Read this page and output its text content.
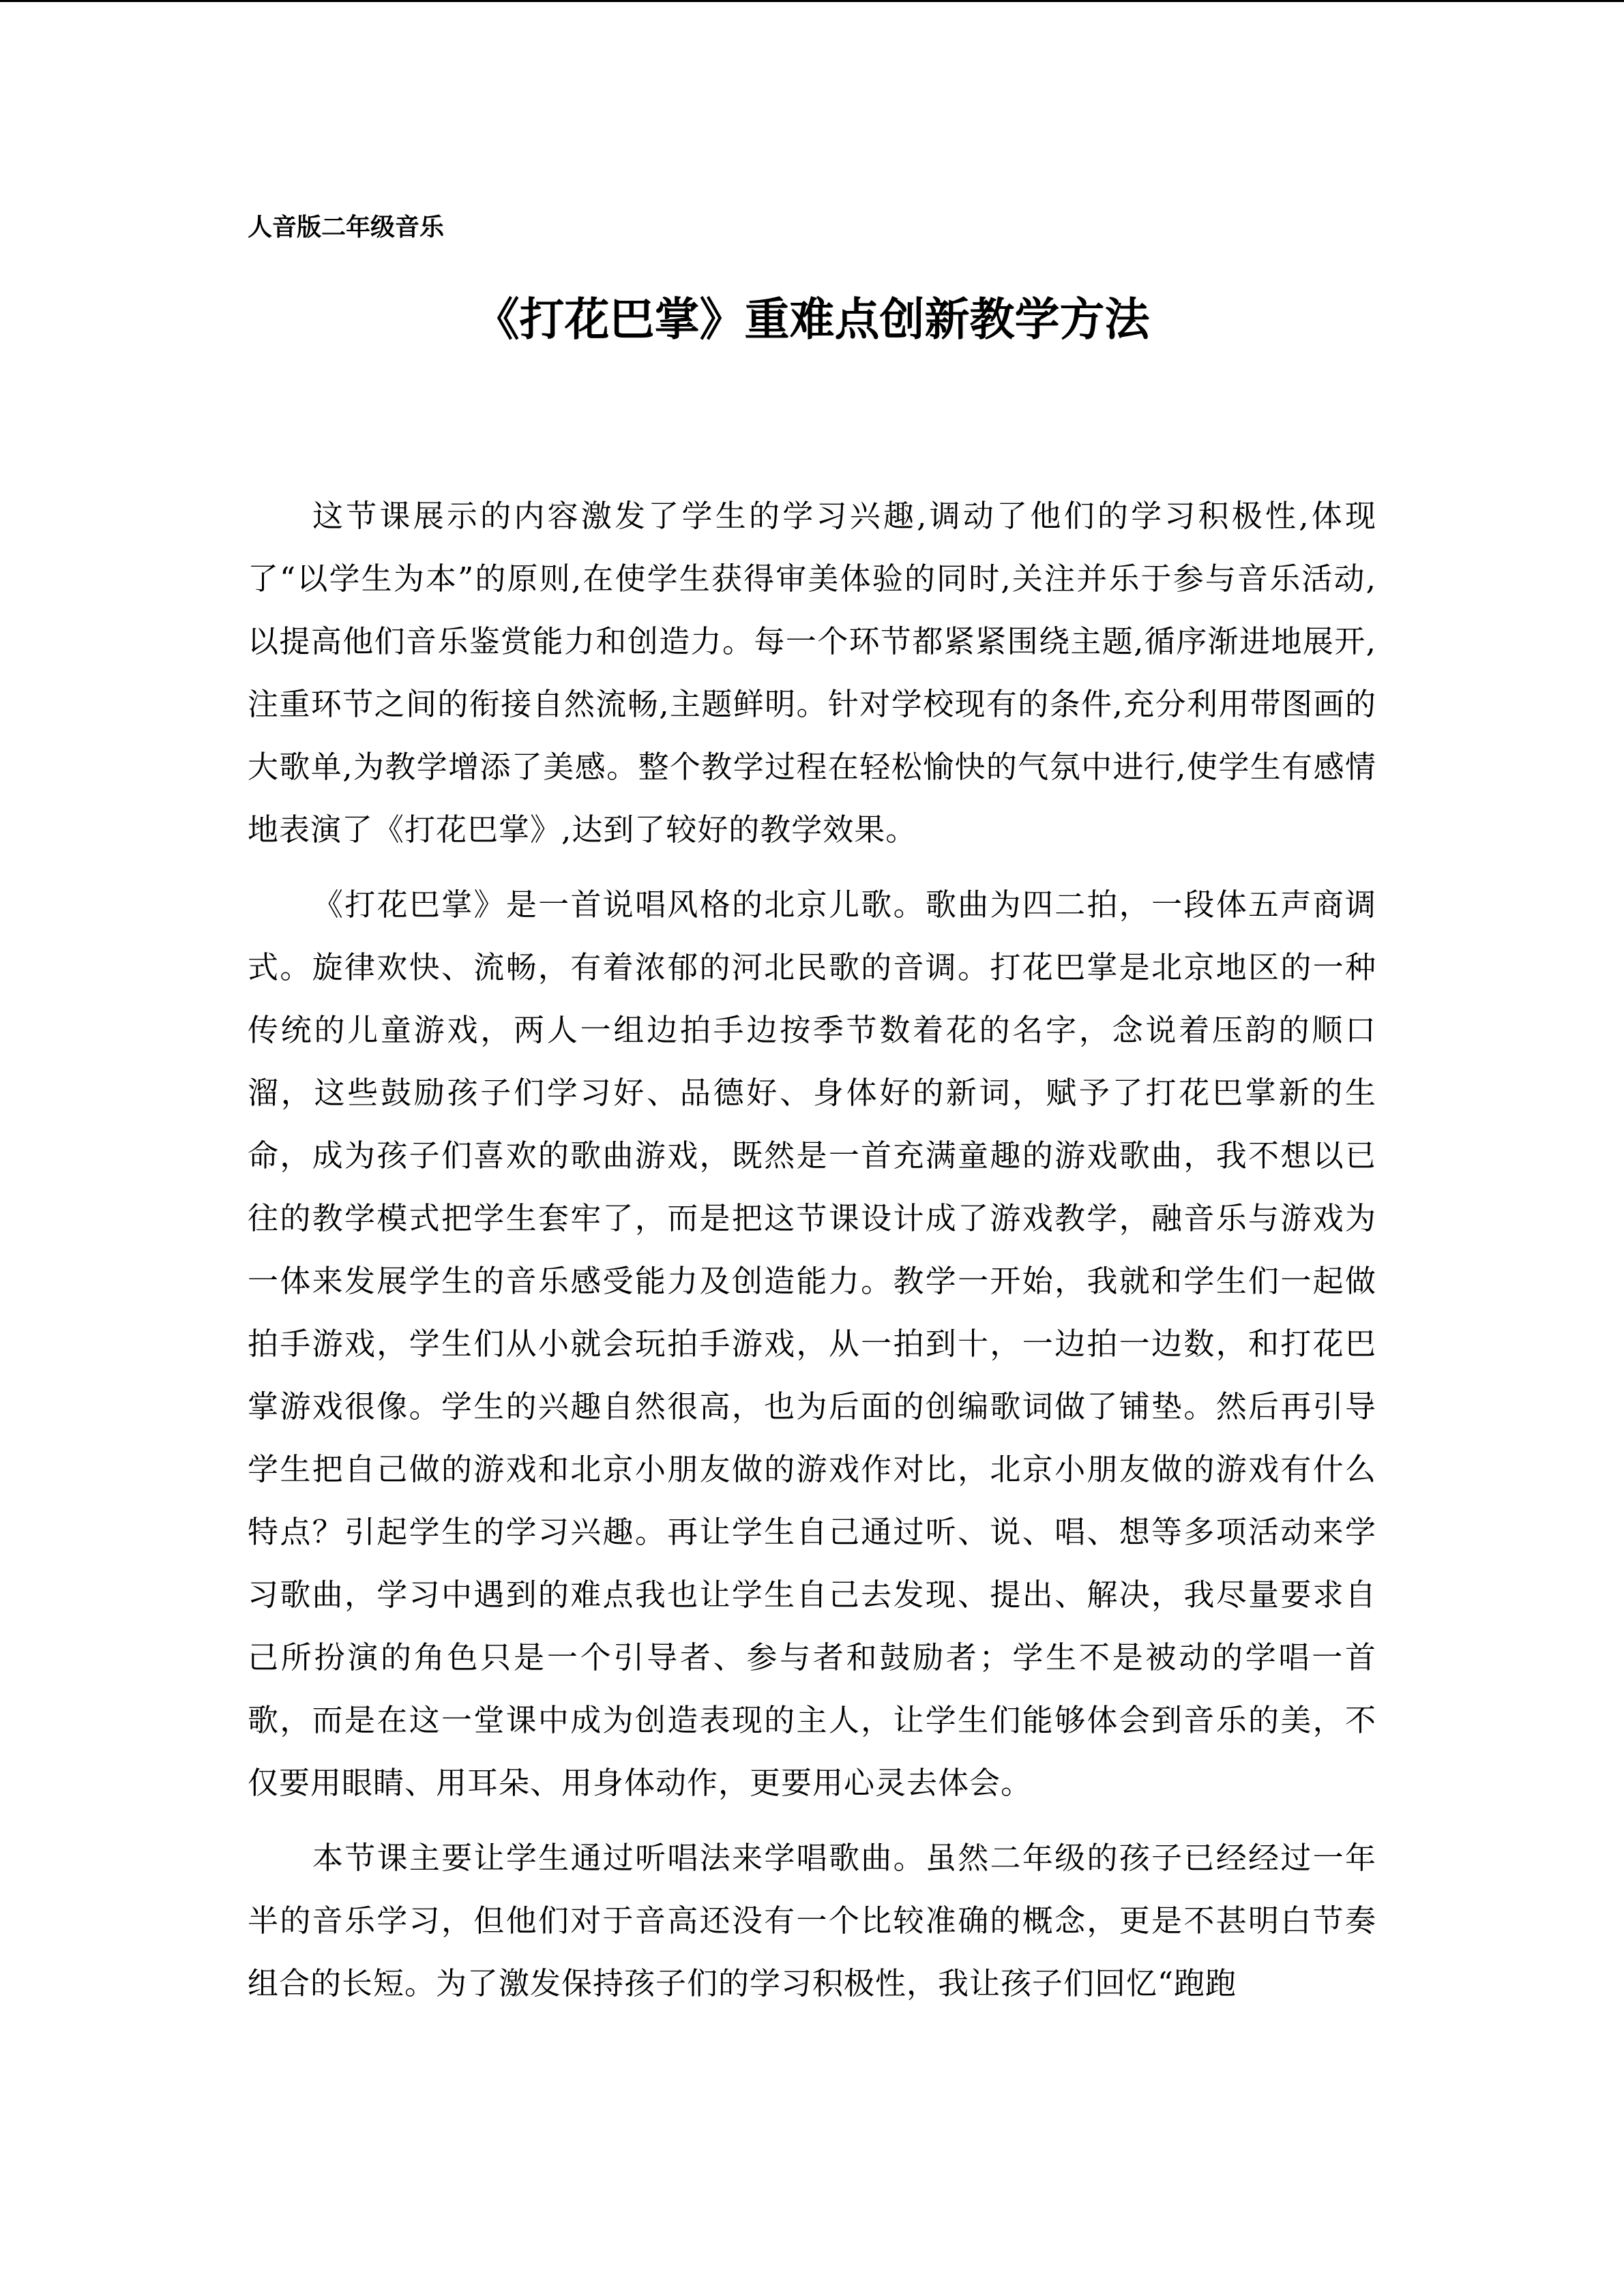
人音版二年级音乐
《打花巴掌》重难点创新教学方法

这节课展示的内容激发了学生的学习兴趣,调动了他们的学习积极性,体现了“以学生为本”的原则,在使学生获得审美体验的同时,关注并乐于参与音乐活动,以提高他们音乐鉴赏能力和创造力。每一个环节都紧紧围绕主题,循序渐进地展开,注重环节之间的衔接自然流畅,主题鲜明。针对学校现有的条件,充分利用带图画的大歌单,为教学增添了美感。整个教学过程在轻松愉快的气氛中进行,使学生有感情地表演了《打花巴掌》,达到了较好的教学效果。

《打花巴掌》是一首说唱风格的北京儿歌。歌曲为四二拍，一段体五声商调式。旋律欢快、流畅，有着浓郁的河北民歌的音调。打花巴掌是北京地区的一种传统的儿童游戏，两人一组边拍手边按季节数着花的名字，念说着压韵的顺口溜，这些鼓励孩子们学习好、品德好、身体好的新词，赋予了打花巴掌新的生命，成为孩子们喜欢的歌曲游戏，既然是一首充满童趣的游戏歌曲，我不想以已往的教学模式把学生套牢了，而是把这节课设计成了游戏教学，融音乐与游戏为一体来发展学生的音乐感受能力及创造能力。教学一开始，我就和学生们一起做拍手游戏，学生们从小就会玩拍手游戏，从一拍到十，一边拍一边数，和打花巴掌游戏很像。学生的兴趣自然很高，也为后面的创编歌词做了铺垫。然后再引导学生把自己做的游戏和北京小朋友做的游戏作对比，北京小朋友做的游戏有什么特点？引起学生的学习兴趣。再让学生自己通过听、说、唱、想等多项活动来学习歌曲，学习中遇到的难点我也让学生自己去发现、提出、解决，我尽量要求自己所扮演的角色只是一个引导者、参与者和鼓励者；学生不是被动的学唱一首歌，而是在这一堂课中成为创造表现的主人，让学生们能够体会到音乐的美，不仅要用眼睛、用耳朵、用身体动作，更要用心灵去体会。

本节课主要让学生通过听唱法来学唱歌曲。虽然二年级的孩子已经经过一年半的音乐学习，但他们对于音高还没有一个比较准确的概念，更是不甚明白节奏组合的长短。为了激发保持孩子们的学习积极性，我让孩子们回忆“跑跑
